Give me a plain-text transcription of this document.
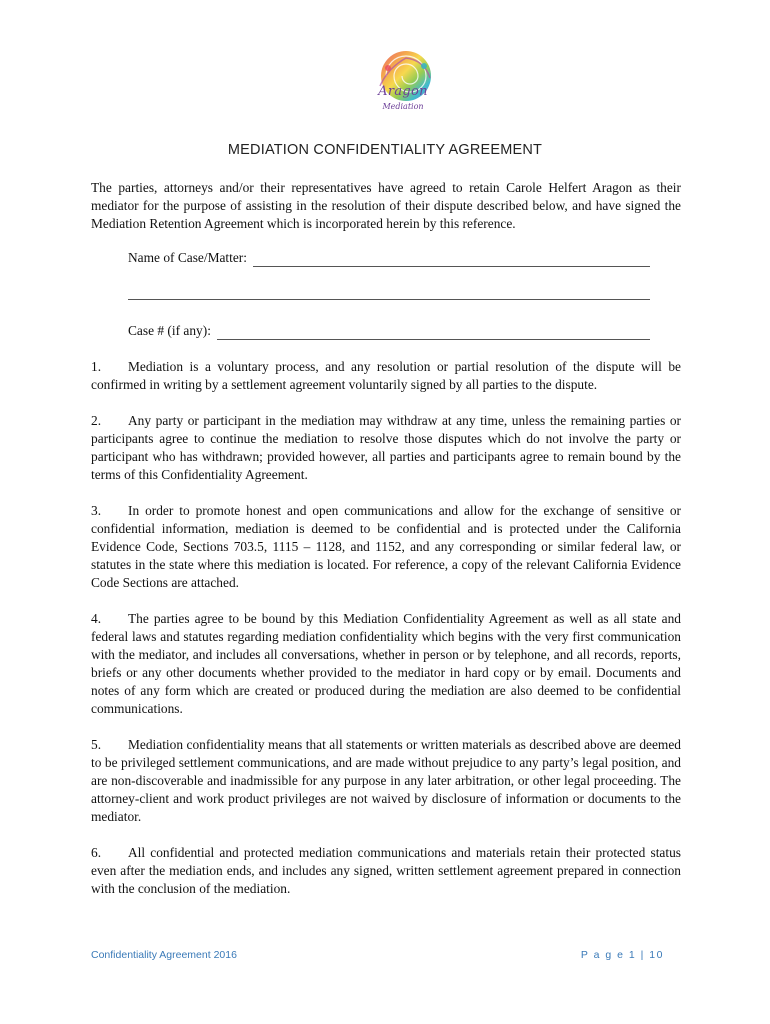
Aragon
Mediation
MEDIATION CONFIDENTIALITY AGREEMENT

The parties, attorneys and/or their representatives have agreed to retain Carole Helfert Aragon as their mediator for the purpose of assisting in the resolution of their dispute described below, and have signed the Mediation Retention Agreement which is incorporated herein by this reference.

Name of Case/Matter:
Case # (if any):

1. Mediation is a voluntary process, and any resolution or partial resolution of the dispute will be confirmed in writing by a settlement agreement voluntarily signed by all parties to the dispute.

2. Any party or participant in the mediation may withdraw at any time, unless the remaining parties or participants agree to continue the mediation to resolve those disputes which do not involve the party or participant who has withdrawn; provided however, all parties and participants agree to remain bound by the terms of this Confidentiality Agreement.

3. In order to promote honest and open communications and allow for the exchange of sensitive or confidential information, mediation is deemed to be confidential and is protected under the California Evidence Code, Sections 703.5, 1115 – 1128, and 1152, and any corresponding or similar federal law, or statutes in the state where this mediation is located. For reference, a copy of the relevant California Evidence Code Sections are attached.

4. The parties agree to be bound by this Mediation Confidentiality Agreement as well as all state and federal laws and statutes regarding mediation confidentiality which begins with the very first communication with the mediator, and includes all conversations, whether in person or by telephone, and all records, reports, briefs or any other documents whether provided to the mediator in hard copy or by email. Documents and notes of any form which are created or produced during the mediation are also deemed to be confidential communications.

5. Mediation confidentiality means that all statements or written materials as described above are deemed to be privileged settlement communications, and are made without prejudice to any party’s legal position, and are non-discoverable and inadmissible for any purpose in any later arbitration, or other legal proceeding. The attorney-client and work product privileges are not waived by disclosure of information or documents to the mediator.

6. All confidential and protected mediation communications and materials retain their protected status even after the mediation ends, and includes any signed, written settlement agreement prepared in connection with the conclusion of the mediation.

Confidentiality Agreement 2016	P a g e 1 | 10
